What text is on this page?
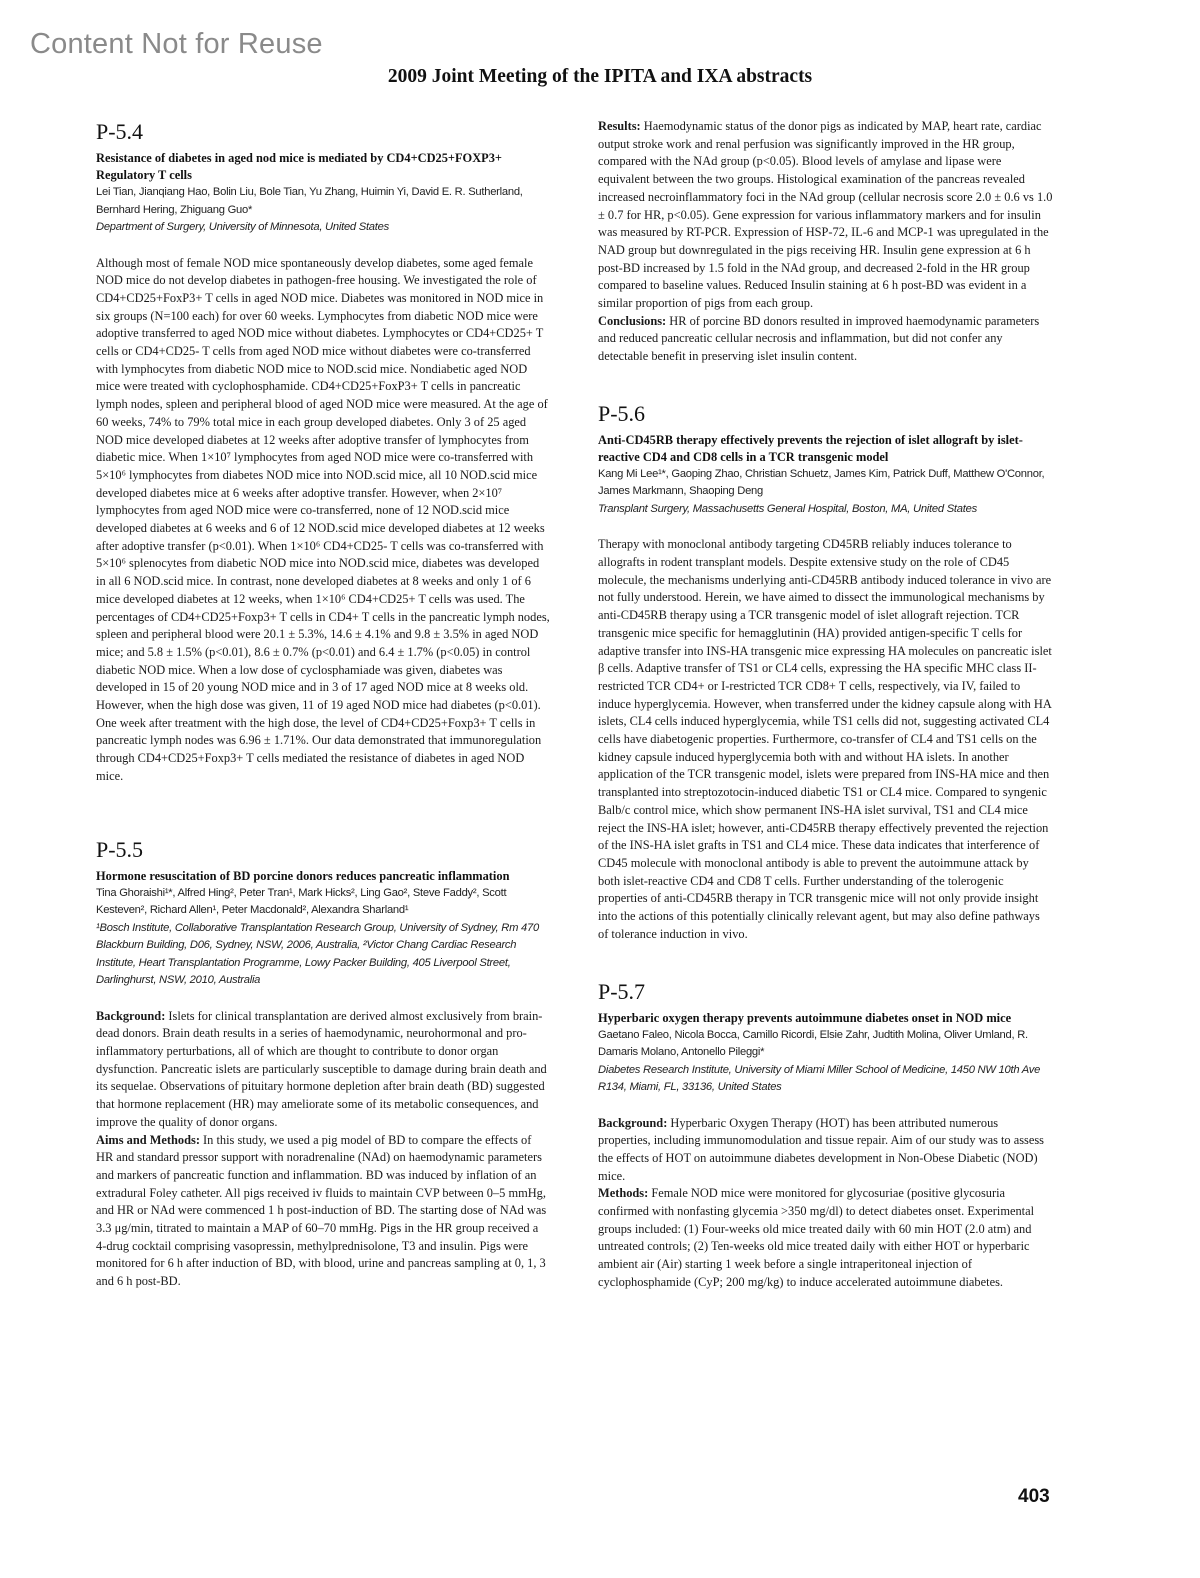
Content Not for Reuse
2009 Joint Meeting of the IPITA and IXA abstracts
P-5.4
Resistance of diabetes in aged nod mice is mediated by CD4+CD25+FOXP3+ Regulatory T cells
Lei Tian, Jianqiang Hao, Bolin Liu, Bole Tian, Yu Zhang, Huimin Yi, David E. R. Sutherland, Bernhard Hering, Zhiguang Guo*
Department of Surgery, University of Minnesota, United States

Although most of female NOD mice spontaneously develop diabetes, some aged female NOD mice do not develop diabetes in pathogen-free housing. We investigated the role of CD4+CD25+FoxP3+ T cells in aged NOD mice. Diabetes was monitored in NOD mice in six groups (N=100 each) for over 60 weeks. Lymphocytes from diabetic NOD mice were adoptive transferred to aged NOD mice without diabetes. Lymphocytes or CD4+CD25+ T cells or CD4+CD25- T cells from aged NOD mice without diabetes were co-transferred with lymphocytes from diabetic NOD mice to NOD.scid mice. Nondiabetic aged NOD mice were treated with cyclophosphamide. CD4+CD25+FoxP3+ T cells in pancreatic lymph nodes, spleen and peripheral blood of aged NOD mice were measured. At the age of 60 weeks, 74% to 79% total mice in each group developed diabetes. Only 3 of 25 aged NOD mice developed diabetes at 12 weeks after adoptive transfer of lymphocytes from diabetic mice. When 1×10⁷ lymphocytes from aged NOD mice were co-transferred with 5×10⁶ lymphocytes from diabetes NOD mice into NOD.scid mice, all 10 NOD.scid mice developed diabetes mice at 6 weeks after adoptive transfer. However, when 2×10⁷ lymphocytes from aged NOD mice were co-transferred, none of 12 NOD.scid mice developed diabetes at 6 weeks and 6 of 12 NOD.scid mice developed diabetes at 12 weeks after adoptive transfer (p<0.01). When 1×10⁶ CD4+CD25- T cells was co-transferred with 5×10⁶ splenocytes from diabetic NOD mice into NOD.scid mice, diabetes was developed in all 6 NOD.scid mice. In contrast, none developed diabetes at 8 weeks and only 1 of 6 mice developed diabetes at 12 weeks, when 1×10⁶ CD4+CD25+ T cells was used. The percentages of CD4+CD25+Foxp3+ T cells in CD4+ T cells in the pancreatic lymph nodes, spleen and peripheral blood were 20.1 ± 5.3%, 14.6 ± 4.1% and 9.8 ± 3.5% in aged NOD mice; and 5.8 ± 1.5% (p<0.01), 8.6 ± 0.7% (p<0.01) and 6.4 ± 1.7% (p<0.05) in control diabetic NOD mice. When a low dose of cyclosphamiade was given, diabetes was developed in 15 of 20 young NOD mice and in 3 of 17 aged NOD mice at 8 weeks old. However, when the high dose was given, 11 of 19 aged NOD mice had diabetes (p<0.01). One week after treatment with the high dose, the level of CD4+CD25+Foxp3+ T cells in pancreatic lymph nodes was 6.96 ± 1.71%. Our data demonstrated that immunoregulation through CD4+CD25+Foxp3+ T cells mediated the resistance of diabetes in aged NOD mice.

P-5.5
Hormone resuscitation of BD porcine donors reduces pancreatic inflammation
Tina Ghoraishi¹*, Alfred Hing², Peter Tran¹, Mark Hicks², Ling Gao², Steve Faddy², Scott Kesteven², Richard Allen¹, Peter Macdonald², Alexandra Sharland¹
¹Bosch Institute, Collaborative Transplantation Research Group, University of Sydney, Rm 470 Blackburn Building, D06, Sydney, NSW, 2006, Australia, ²Victor Chang Cardiac Research Institute, Heart Transplantation Programme, Lowy Packer Building, 405 Liverpool Street, Darlinghurst, NSW, 2010, Australia

Background: Islets for clinical transplantation are derived almost exclusively from brain-dead donors. Brain death results in a series of haemodynamic, neurohormonal and pro-inflammatory perturbations, all of which are thought to contribute to donor organ dysfunction. Pancreatic islets are particularly susceptible to damage during brain death and its sequelae. Observations of pituitary hormone depletion after brain death (BD) suggested that hormone replacement (HR) may ameliorate some of its metabolic consequences, and improve the quality of donor organs.

Aims and Methods: In this study, we used a pig model of BD to compare the effects of HR and standard pressor support with noradrenaline (NAd) on haemodynamic parameters and markers of pancreatic function and inflammation. BD was induced by inflation of an extradural Foley catheter. All pigs received iv fluids to maintain CVP between 0–5 mmHg, and HR or NAd were commenced 1 h post-induction of BD. The starting dose of NAd was 3.3 μg/min, titrated to maintain a MAP of 60–70 mmHg. Pigs in the HR group received a 4-drug cocktail comprising vasopressin, methylprednisolone, T3 and insulin. Pigs were monitored for 6 h after induction of BD, with blood, urine and pancreas sampling at 0, 1, 3 and 6 h post-BD.

Results: Haemodynamic status of the donor pigs as indicated by MAP, heart rate, cardiac output stroke work and renal perfusion was significantly improved in the HR group, compared with the NAd group (p<0.05). Blood levels of amylase and lipase were equivalent between the two groups. Histological examination of the pancreas revealed increased necroinflammatory foci in the NAd group (cellular necrosis score 2.0 ± 0.6 vs 1.0 ± 0.7 for HR, p<0.05). Gene expression for various inflammatory markers and for insulin was measured by RT-PCR. Expression of HSP-72, IL-6 and MCP-1 was upregulated in the NAD group but downregulated in the pigs receiving HR. Insulin gene expression at 6 h post-BD increased by 1.5 fold in the NAd group, and decreased 2-fold in the HR group compared to baseline values. Reduced Insulin staining at 6 h post-BD was evident in a similar proportion of pigs from each group.

Conclusions: HR of porcine BD donors resulted in improved haemodynamic parameters and reduced pancreatic cellular necrosis and inflammation, but did not confer any detectable benefit in preserving islet insulin content.

P-5.6
Anti-CD45RB therapy effectively prevents the rejection of islet allograft by islet-reactive CD4 and CD8 cells in a TCR transgenic model
Kang Mi Lee¹*, Gaoping Zhao, Christian Schuetz, James Kim, Patrick Duff, Matthew O'Connor, James Markmann, Shaoping Deng
Transplant Surgery, Massachusetts General Hospital, Boston, MA, United States

Therapy with monoclonal antibody targeting CD45RB reliably induces tolerance to allografts in rodent transplant models. Despite extensive study on the role of CD45 molecule, the mechanisms underlying anti-CD45RB antibody induced tolerance in vivo are not fully understood. Herein, we have aimed to dissect the immunological mechanisms by anti-CD45RB therapy using a TCR transgenic model of islet allograft rejection. TCR transgenic mice specific for hemagglutinin (HA) provided antigen-specific T cells for adaptive transfer into INS-HA transgenic mice expressing HA molecules on pancreatic islet β cells. Adaptive transfer of TS1 or CL4 cells, expressing the HA specific MHC class II-restricted TCR CD4+ or I-restricted TCR CD8+ T cells, respectively, via IV, failed to induce hyperglycemia. However, when transferred under the kidney capsule along with HA islets, CL4 cells induced hyperglycemia, while TS1 cells did not, suggesting activated CL4 cells have diabetogenic properties. Furthermore, co-transfer of CL4 and TS1 cells on the kidney capsule induced hyperglycemia both with and without HA islets. In another application of the TCR transgenic model, islets were prepared from INS-HA mice and then transplanted into streptozotocin-induced diabetic TS1 or CL4 mice. Compared to syngenic Balb/c control mice, which show permanent INS-HA islet survival, TS1 and CL4 mice reject the INS-HA islet; however, anti-CD45RB therapy effectively prevented the rejection of the INS-HA islet grafts in TS1 and CL4 mice. These data indicates that interference of CD45 molecule with monoclonal antibody is able to prevent the autoimmune attack by both islet-reactive CD4 and CD8 T cells. Further understanding of the tolerogenic properties of anti-CD45RB therapy in TCR transgenic mice will not only provide insight into the actions of this potentially clinically relevant agent, but may also define pathways of tolerance induction in vivo.

P-5.7
Hyperbaric oxygen therapy prevents autoimmune diabetes onset in NOD mice
Gaetano Faleo, Nicola Bocca, Camillo Ricordi, Elsie Zahr, Judtith Molina, Oliver Umland, R. Damaris Molano, Antonello Pileggi*
Diabetes Research Institute, University of Miami Miller School of Medicine, 1450 NW 10th Ave R134, Miami, FL, 33136, United States

Background: Hyperbaric Oxygen Therapy (HOT) has been attributed numerous properties, including immunomodulation and tissue repair. Aim of our study was to assess the effects of HOT on autoimmune diabetes development in Non-Obese Diabetic (NOD) mice.

Methods: Female NOD mice were monitored for glycosuriae (positive glycosuria confirmed with nonfasting glycemia >350 mg/dl) to detect diabetes onset. Experimental groups included: (1) Four-weeks old mice treated daily with 60 min HOT (2.0 atm) and untreated controls; (2) Ten-weeks old mice treated daily with either HOT or hyperbaric ambient air (Air) starting 1 week before a single intraperitoneal injection of cyclophosphamide (CyP; 200 mg/kg) to induce accelerated autoimmune diabetes.

403
